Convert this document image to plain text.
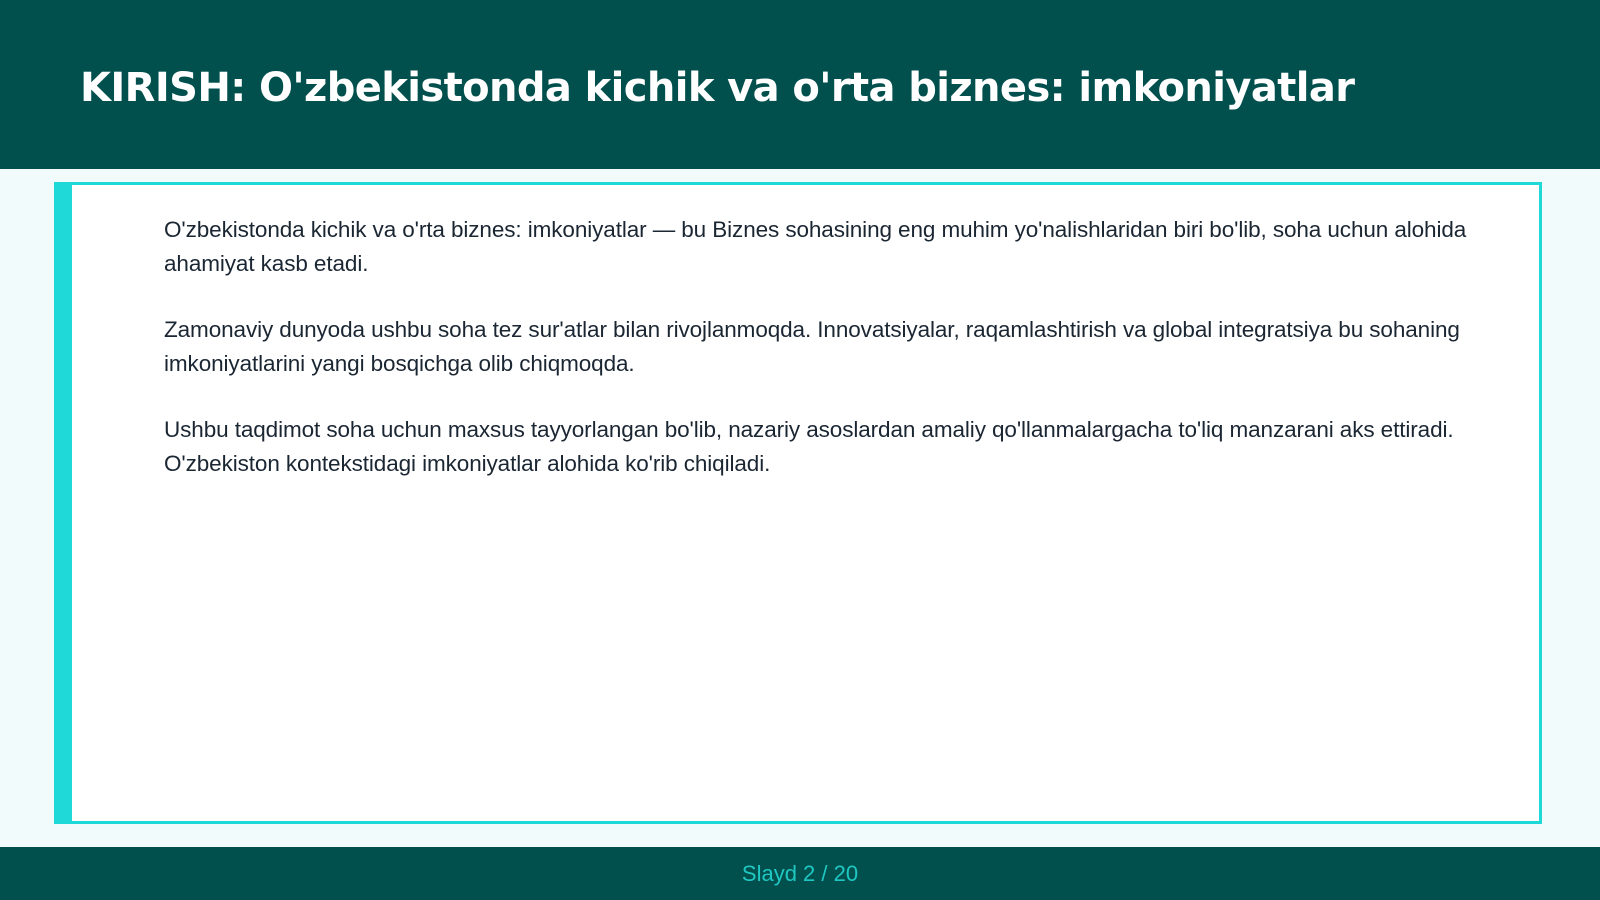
KIRISH: O'zbekistonda kichik va o'rta biznes: imkoniyatlar

O'zbekistonda kichik va o'rta biznes: imkoniyatlar — bu Biznes sohasining eng muhim yo'nalishlaridan biri bo'lib, soha uchun alohida ahamiyat kasb etadi.

Zamonaviy dunyoda ushbu soha tez sur'atlar bilan rivojlanmoqda. Innovatsiyalar, raqamlashtirish va global integratsiya bu sohaning imkoniyatlarini yangi bosqichga olib chiqmoqda.

Ushbu taqdimot soha uchun maxsus tayyorlangan bo'lib, nazariy asoslardan amaliy qo'llanmalargacha to'liq manzarani aks ettiradi. O'zbekiston kontekstidagi imkoniyatlar alohida ko'rib chiqiladi.

Slayd 2 / 20
